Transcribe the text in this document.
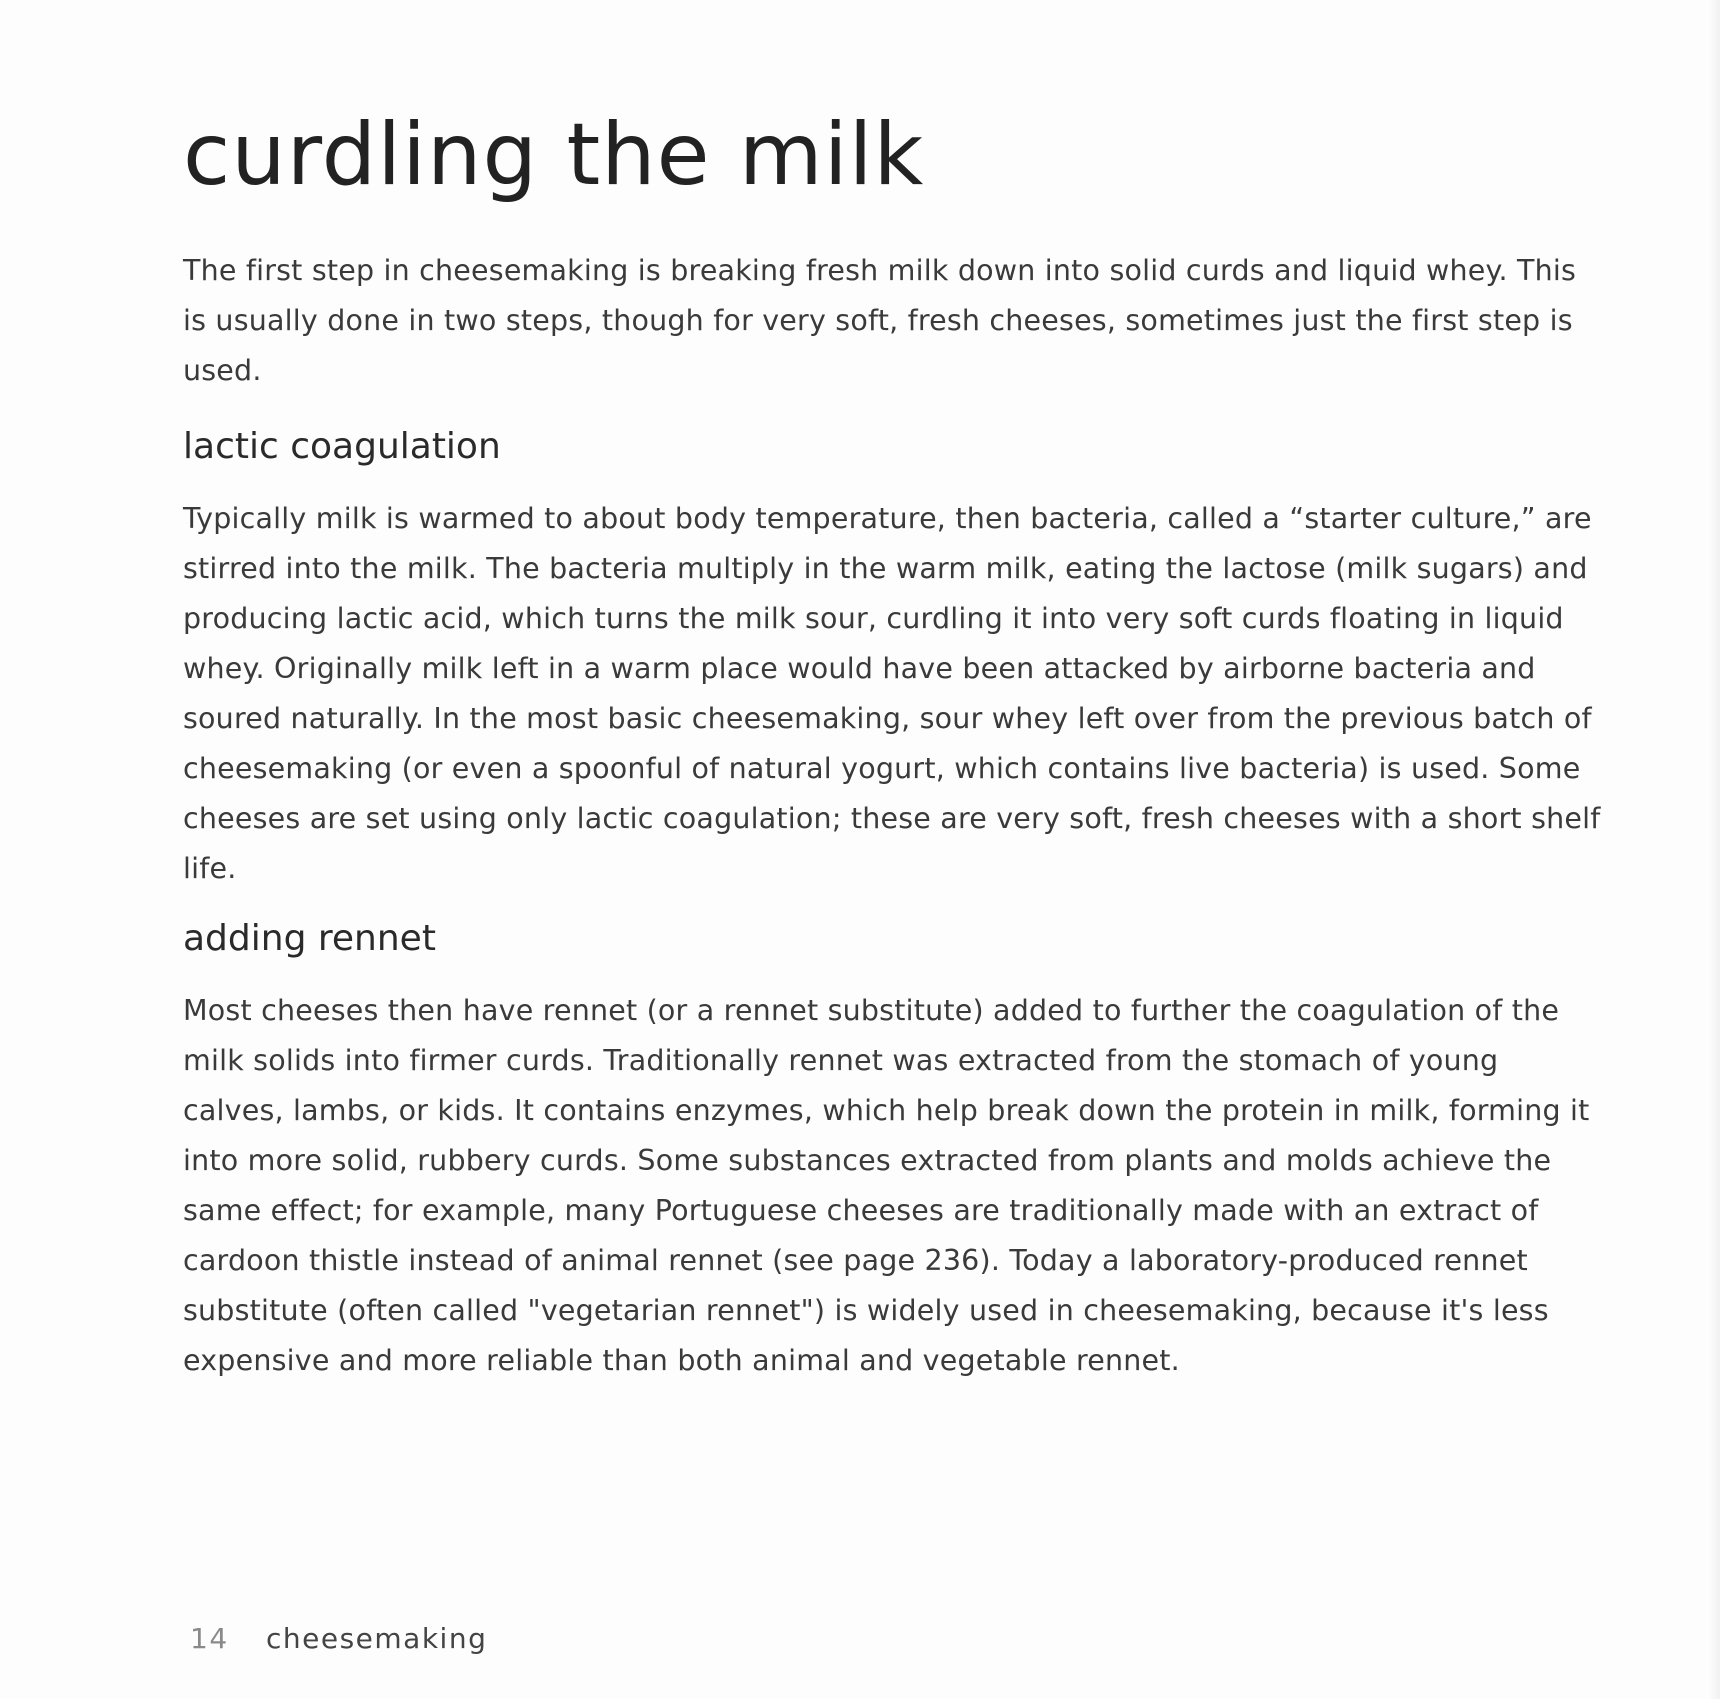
curdling the milk

The first step in cheesemaking is breaking fresh milk down into solid curds and liquid whey. This is usually done in two steps, though for very soft, fresh cheeses, sometimes just the first step is used.

lactic coagulation

Typically milk is warmed to about body temperature, then bacteria, called a “starter culture,” are stirred into the milk. The bacteria multiply in the warm milk, eating the lactose (milk sugars) and producing lactic acid, which turns the milk sour, curdling it into very soft curds floating in liquid whey. Originally milk left in a warm place would have been attacked by airborne bacteria and soured naturally. In the most basic cheesemaking, sour whey left over from the previous batch of cheesemaking (or even a spoonful of natural yogurt, which contains live bacteria) is used. Some cheeses are set using only lactic coagulation; these are very soft, fresh cheeses with a short shelf life.

adding rennet

Most cheeses then have rennet (or a rennet substitute) added to further the coagulation of the milk solids into firmer curds. Traditionally rennet was extracted from the stomach of young calves, lambs, or kids. It contains enzymes, which help break down the protein in milk, forming it into more solid, rubbery curds. Some substances extracted from plants and molds achieve the same effect; for example, many Portuguese cheeses are traditionally made with an extract of cardoon thistle instead of animal rennet (see page 236). Today a laboratory-produced rennet substitute (often called "vegetarian rennet") is widely used in cheesemaking, because it's less expensive and more reliable than both animal and vegetable rennet.

14 cheesemaking
